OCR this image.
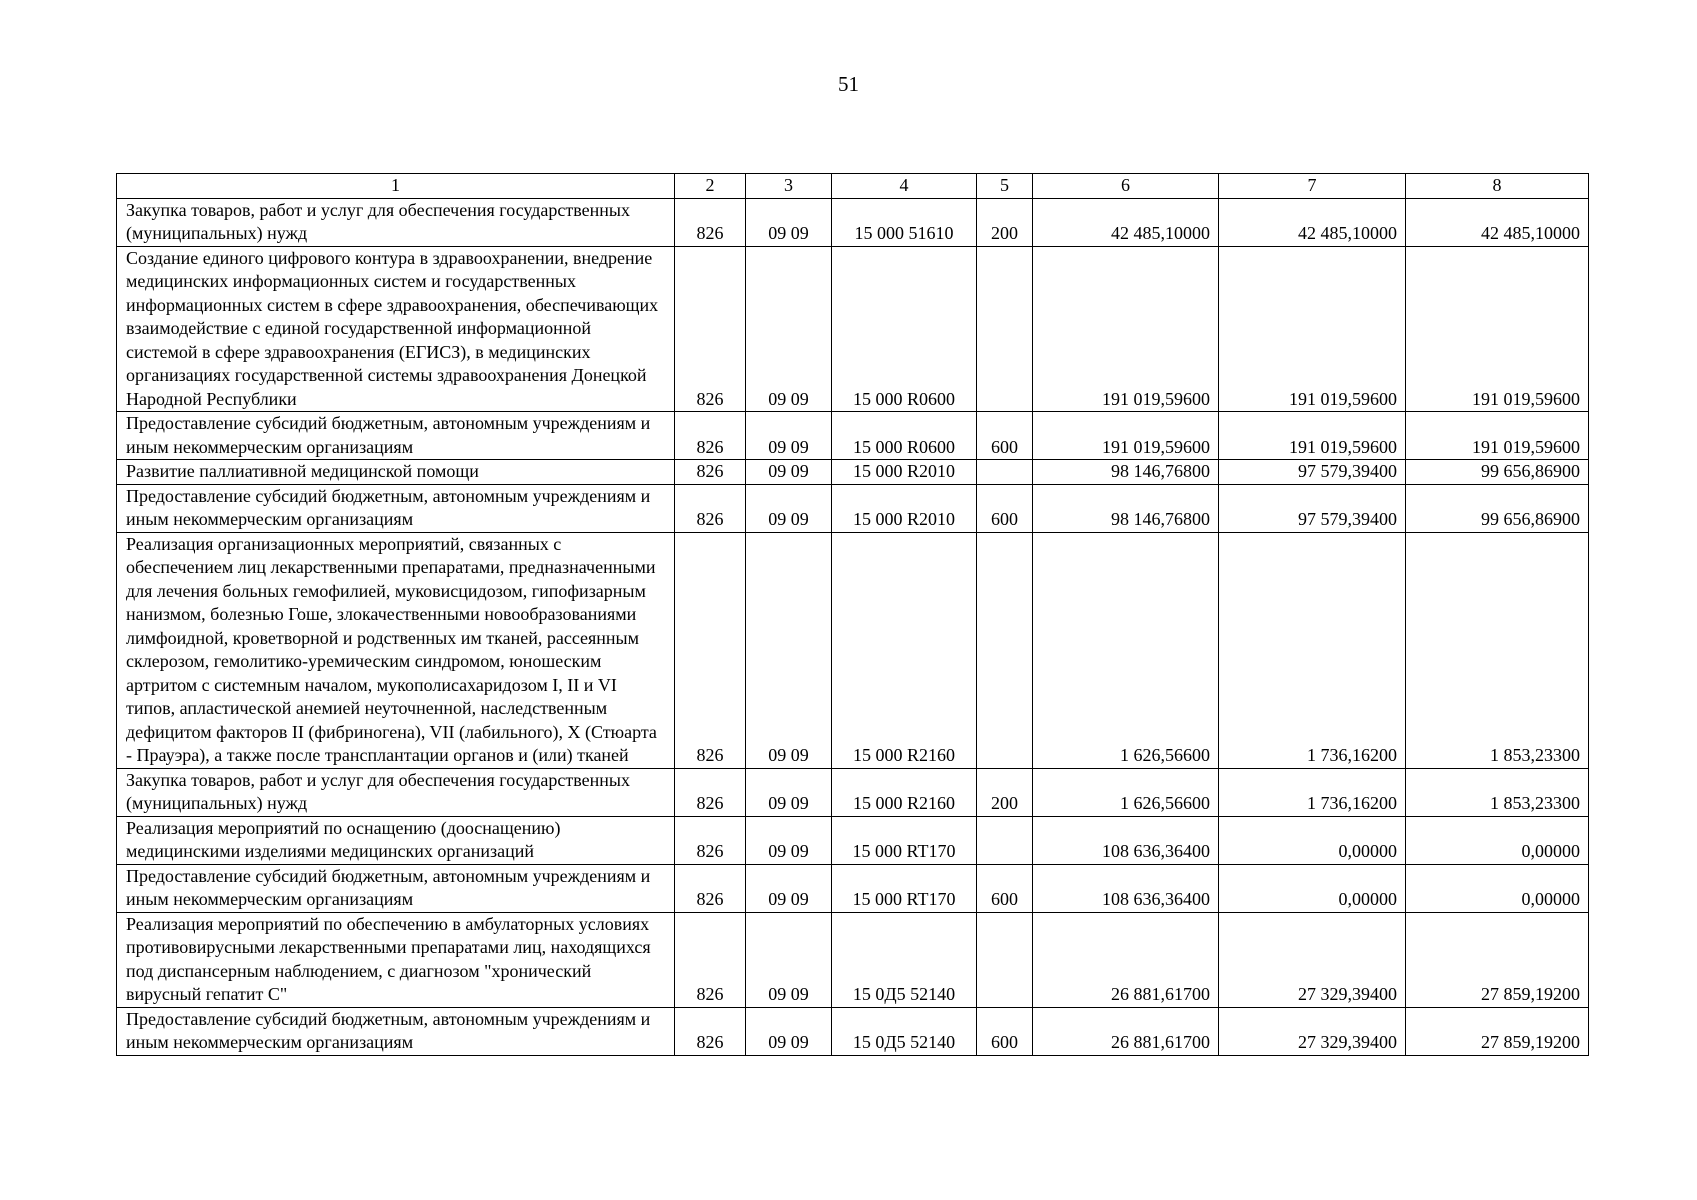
51
1	2	3	4	5	6	7	8
Закупка товаров, работ и услуг для обеспечения государственных (муниципальных) нужд	826	09 09	15 000 51610	200	42 485,10000	42 485,10000	42 485,10000
Создание единого цифрового контура в здравоохранении, внедрение медицинских информационных систем и государственных информационных систем в сфере здравоохранения, обеспечивающих взаимодействие с единой государственной информационной системой в сфере здравоохранения (ЕГИСЗ), в медицинских организациях государственной системы здравоохранения Донецкой Народной Республики	826	09 09	15 000 R0600		191 019,59600	191 019,59600	191 019,59600
Предоставление субсидий бюджетным, автономным учреждениям и иным некоммерческим организациям	826	09 09	15 000 R0600	600	191 019,59600	191 019,59600	191 019,59600
Развитие паллиативной медицинской помощи	826	09 09	15 000 R2010		98 146,76800	97 579,39400	99 656,86900
Предоставление субсидий бюджетным, автономным учреждениям и иным некоммерческим организациям	826	09 09	15 000 R2010	600	98 146,76800	97 579,39400	99 656,86900
Реализация организационных мероприятий, связанных с обеспечением лиц лекарственными препаратами, предназначенными для лечения больных гемофилией, муковисцидозом, гипофизарным нанизмом, болезнью Гоше, злокачественными новообразованиями лимфоидной, кроветворной и родственных им тканей, рассеянным склерозом, гемолитико-уремическим синдромом, юношеским артритом с системным началом, мукополисахаридозом I, II и VI типов, апластической анемией неуточненной, наследственным дефицитом факторов II (фибриногена), VII (лабильного), X (Стюарта - Прауэра), а также после трансплантации органов и (или) тканей	826	09 09	15 000 R2160		1 626,56600	1 736,16200	1 853,23300
Закупка товаров, работ и услуг для обеспечения государственных (муниципальных) нужд	826	09 09	15 000 R2160	200	1 626,56600	1 736,16200	1 853,23300
Реализация мероприятий по оснащению (дооснащению) медицинскими изделиями медицинских организаций	826	09 09	15 000 RT170		108 636,36400	0,00000	0,00000
Предоставление субсидий бюджетным, автономным учреждениям и иным некоммерческим организациям	826	09 09	15 000 RT170	600	108 636,36400	0,00000	0,00000
Реализация мероприятий по обеспечению в амбулаторных условиях противовирусными лекарственными препаратами лиц, находящихся под диспансерным наблюдением, с диагнозом "хронический вирусный гепатит С"	826	09 09	15 0Д5 52140		26 881,61700	27 329,39400	27 859,19200
Предоставление субсидий бюджетным, автономным учреждениям и иным некоммерческим организациям	826	09 09	15 0Д5 52140	600	26 881,61700	27 329,39400	27 859,19200
